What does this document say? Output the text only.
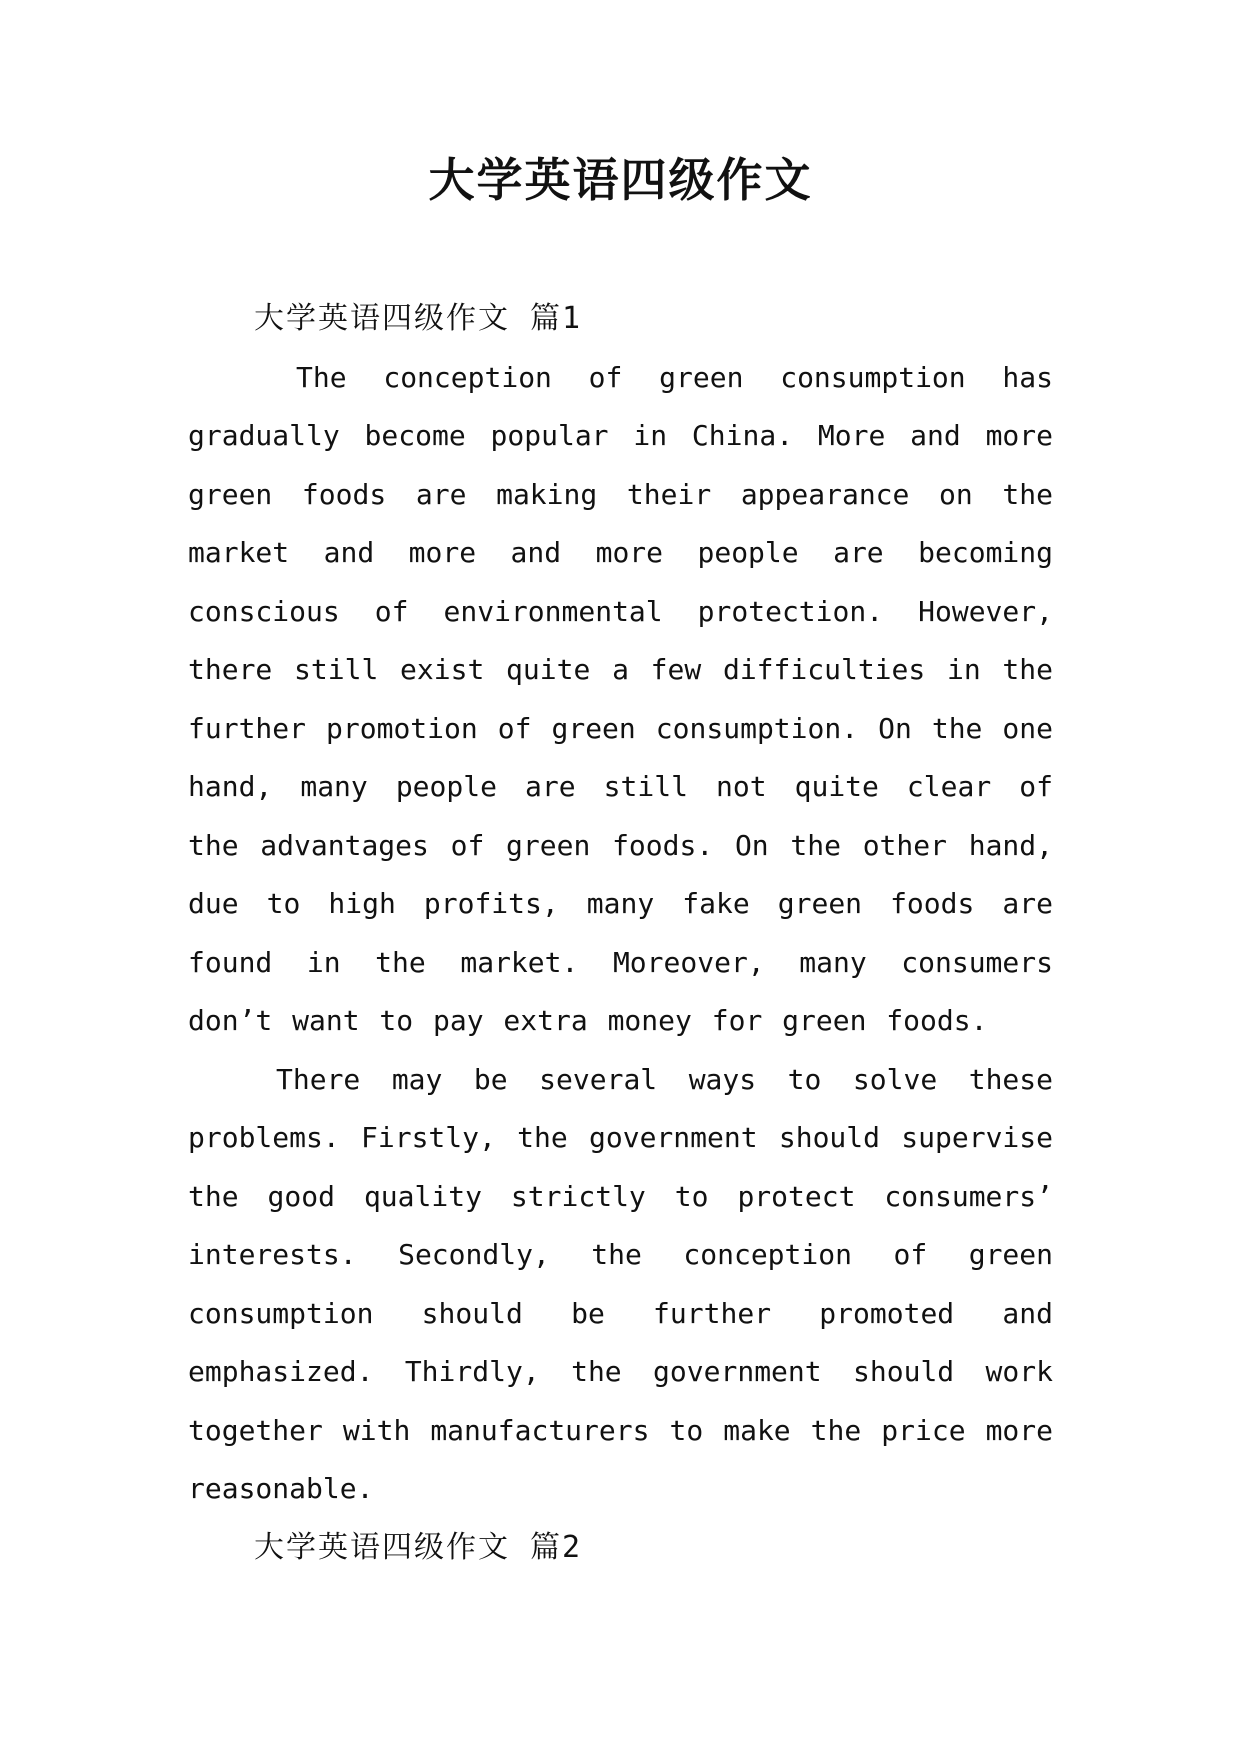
大学英语四级作文
大学英语四级作文 篇1

The conception of green consumption has gradually become popular in China. More and more green foods are making their appearance on the market and more and more people are becoming conscious of environmental protection. However, there still exist quite a few difficulties in the further promotion of green consumption. On the one hand, many people are still not quite clear of the advantages of green foods. On the other hand, due to high profits, many fake green foods are found in the market. Moreover, many consumers don’t want to pay extra money for green foods.

There may be several ways to solve these problems. Firstly, the government should supervise the good quality strictly to protect consumers’ interests. Secondly, the conception of green consumption should be further promoted and emphasized. Thirdly, the government should work together with manufacturers to make the price more reasonable.

大学英语四级作文 篇2
